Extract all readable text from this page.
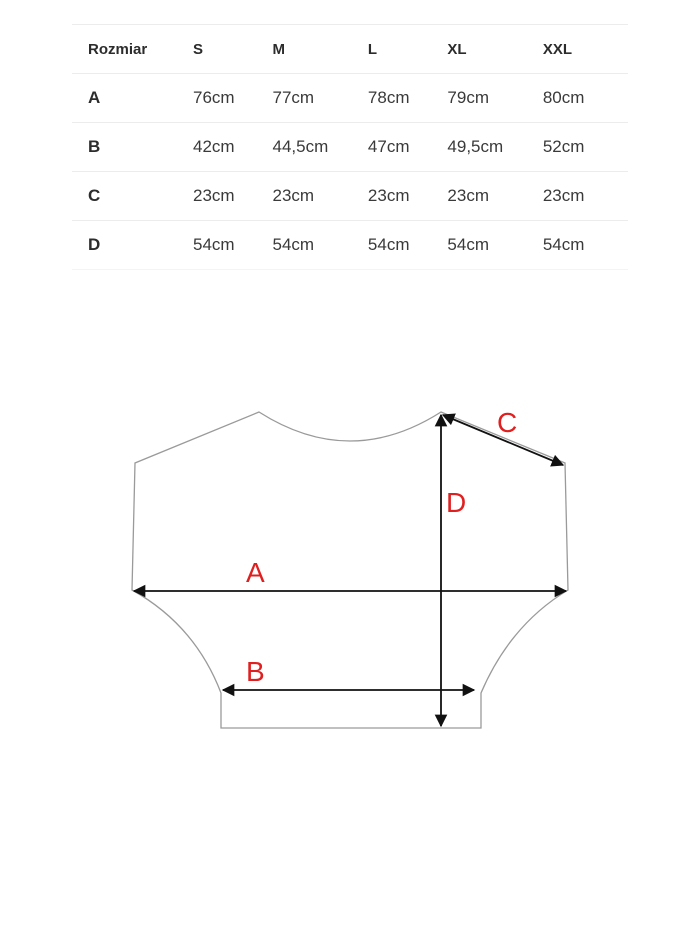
Rozmiar	S	M	L	XL	XXL
A	76cm	77cm	78cm	79cm	80cm
B	42cm	44,5cm	47cm	49,5cm	52cm
C	23cm	23cm	23cm	23cm	23cm
D	54cm	54cm	54cm	54cm	54cm
A
B
C
D
